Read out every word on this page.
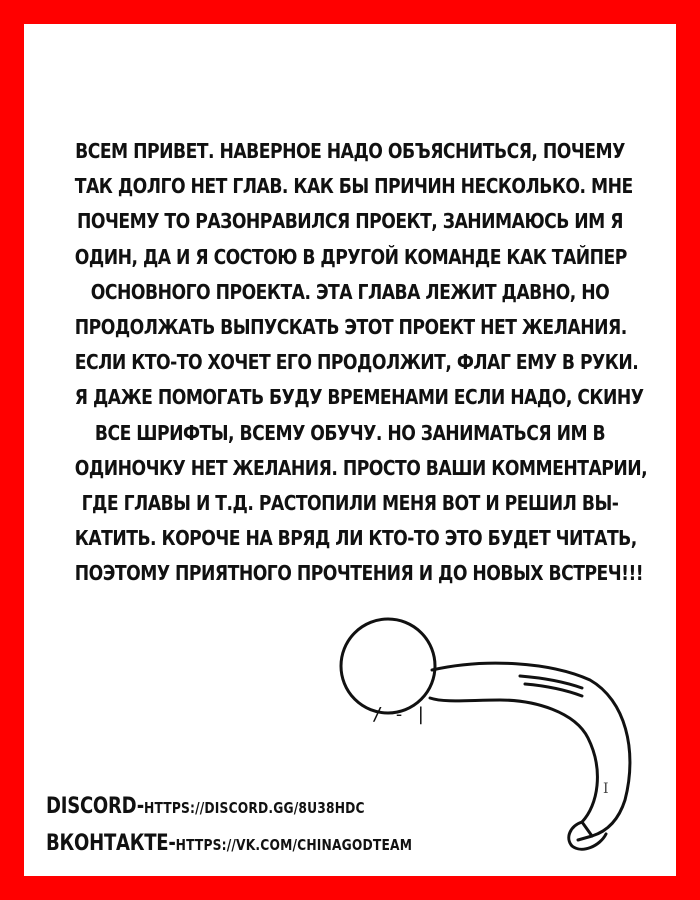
ВСЕМ ПРИВЕТ. НАВЕРНОЕ НАДО ОБЪЯСНИТЬСЯ, ПОЧЕМУ
ТАК ДОЛГО НЕТ ГЛАВ. КАК БЫ ПРИЧИН НЕСКОЛЬКО. МНЕ
ПОЧЕМУ ТО РАЗОНРАВИЛСЯ ПРОЕКТ, ЗАНИМАЮСЬ ИМ Я
ОДИН, ДА И Я СОСТОЮ В ДРУГОЙ КОМАНДЕ КАК ТАЙПЕР
ОСНОВНОГО ПРОЕКТА. ЭТА ГЛАВА ЛЕЖИТ ДАВНО, НО
ПРОДОЛЖАТЬ ВЫПУСКАТЬ ЭТОТ ПРОЕКТ НЕТ ЖЕЛАНИЯ.
ЕСЛИ КТО-ТО ХОЧЕТ ЕГО ПРОДОЛЖИТ, ФЛАГ ЕМУ В РУКИ.
Я ДАЖЕ ПОМОГАТЬ БУДУ ВРЕМЕНАМИ ЕСЛИ НАДО, СКИНУ
ВСЕ ШРИФТЫ, ВСЕМУ ОБУЧУ. НО ЗАНИМАТЬСЯ ИМ В
ОДИНОЧКУ НЕТ ЖЕЛАНИЯ. ПРОСТО ВАШИ КОММЕНТАРИИ,
ГДЕ ГЛАВЫ И Т.Д. РАСТОПИЛИ МЕНЯ ВОТ И РЕШИЛ ВЫ-
КАТИТЬ. КОРОЧЕ НА ВРЯД ЛИ КТО-ТО ЭТО БУДЕТ ЧИТАТЬ,
ПОЭТОМУ ПРИЯТНОГО ПРОЧТЕНИЯ И ДО НОВЫХ ВСТРЕЧ!!!
DISCORD-HTTPS://DISCORD.GG/8U38HDC
ВКОНТАКТЕ-HTTPS://VK.COM/CHINAGODTEAM
/ - |
I
